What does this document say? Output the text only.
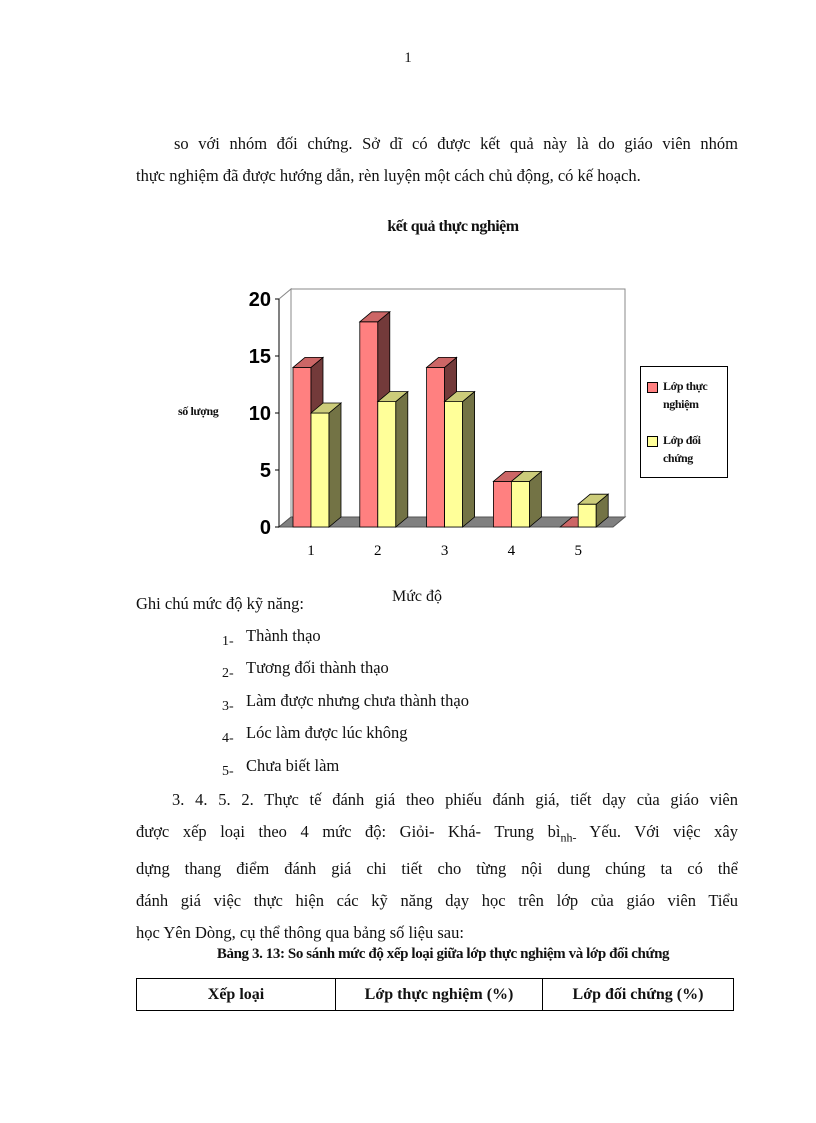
1
so với nhóm đối chứng. Sở dĩ có được kết quả này là do giáo viên nhóm
thực nghiệm đã được hướng dẫn, rèn luyện một cách chủ động, có kế hoạch.
kết quả thực nghiệm
0
5
10
15
20
1	2	3	4	5
số lượng
Mức độ
Lớp thực
nghiệm
Lớp đối
chứng
Ghi chú mức độ kỹ năng:
1- Thành thạo
2- Tương đối thành thạo
3- Làm được nhưng chưa thành thạo
4- Lóc làm được lúc không
5- Chưa biết làm
3. 4. 5. 2. Thực tế đánh giá theo phiếu đánh giá, tiết dạy của giáo viên
được xếp loại theo 4 mức độ: Giỏi- Khá- Trung $bì_{nh-}$ Yếu. Với việc xây
dựng thang điểm đánh giá chi tiết cho từng nội dung chúng ta có thể
đánh giá việc thực hiện các kỹ năng dạy học trên lớp của giáo viên Tiểu
học Yên Dòng, cụ thể thông qua bảng số liệu sau:
Bảng 3. 13: So sánh mức độ xếp loại giữa lớp thực nghiệm và lớp đối chứng
Xếp loại	Lớp thực nghiệm (%)	Lớp đối chứng (%)
